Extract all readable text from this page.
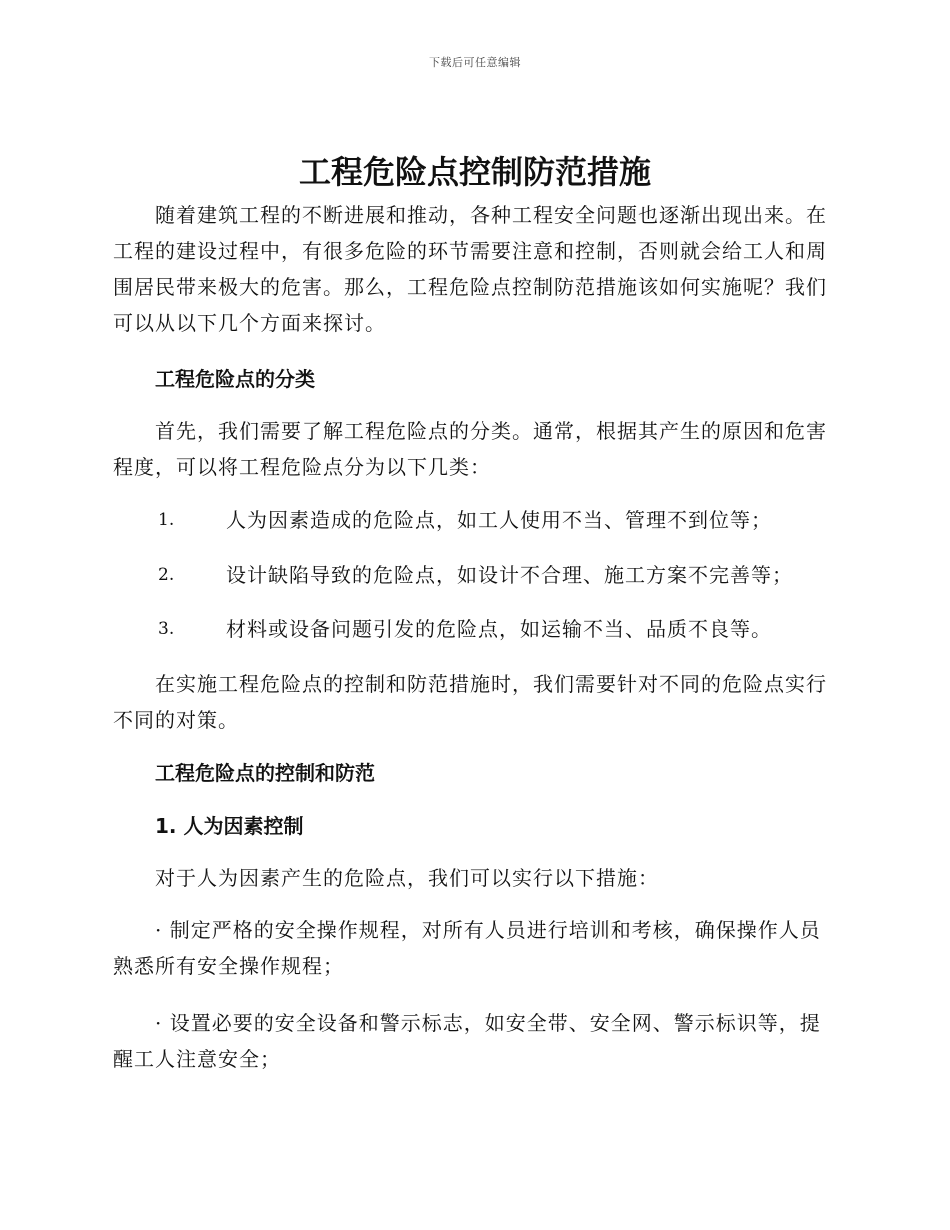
下载后可任意编辑
工程危险点控制防范措施

随着建筑工程的不断进展和推动，各种工程安全问题也逐渐出现出来。在工程的建设过程中，有很多危险的环节需要注意和控制，否则就会给工人和周围居民带来极大的危害。那么，工程危险点控制防范措施该如何实施呢？我们可以从以下几个方面来探讨。

工程危险点的分类

首先，我们需要了解工程危险点的分类。通常，根据其产生的原因和危害程度，可以将工程危险点分为以下几类：

1.	人为因素造成的危险点，如工人使用不当、管理不到位等；
2.	设计缺陷导致的危险点，如设计不合理、施工方案不完善等；
3.	材料或设备问题引发的危险点，如运输不当、品质不良等。

在实施工程危险点的控制和防范措施时，我们需要针对不同的危险点实行不同的对策。

工程危险点的控制和防范
1. 人为因素控制

对于人为因素产生的危险点，我们可以实行以下措施：

· 制定严格的安全操作规程，对所有人员进行培训和考核，确保操作人员熟悉所有安全操作规程；

· 设置必要的安全设备和警示标志，如安全带、安全网、警示标识等，提醒工人注意安全；
